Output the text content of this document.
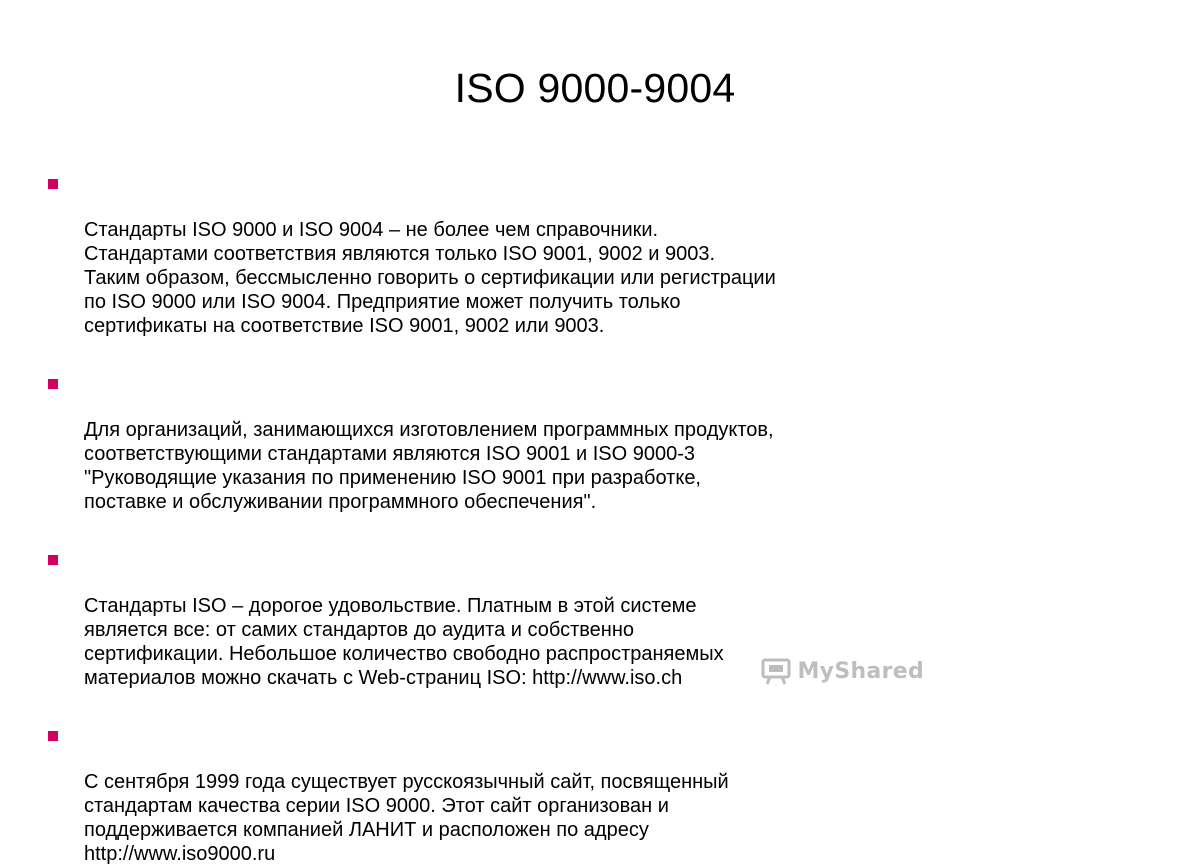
ISO 9000-9004

Стандарты ISO 9000 и ISO 9004 – не более чем справочники.
Стандартами соответствия являются только ISO 9001, 9002 и 9003.
Таким образом, бессмысленно говорить о сертификации или регистрации
по ISO 9000 или ISO 9004. Предприятие может получить только
сертификаты на соответствие ISO 9001, 9002 или 9003.

Для организаций, занимающихся изготовлением программных продуктов,
соответствующими стандартами являются ISO 9001 и ISO 9000-3
"Руководящие указания по применению ISO 9001 при разработке,
поставке и обслуживании программного обеспечения".

Стандарты ISO – дорогое удовольствие. Платным в этой системе
является все: от самих стандартов до аудита и собственно
сертификации. Небольшое количество свободно распространяемых
материалов можно скачать с Web-страниц ISO: http://www.iso.ch

С сентября 1999 года существует русскоязычный сайт, посвященный
стандартам качества серии ISO 9000. Этот сайт организован и
поддерживается компанией ЛАНИТ и расположен по адресу
http://www.iso9000.ru

MyShared
